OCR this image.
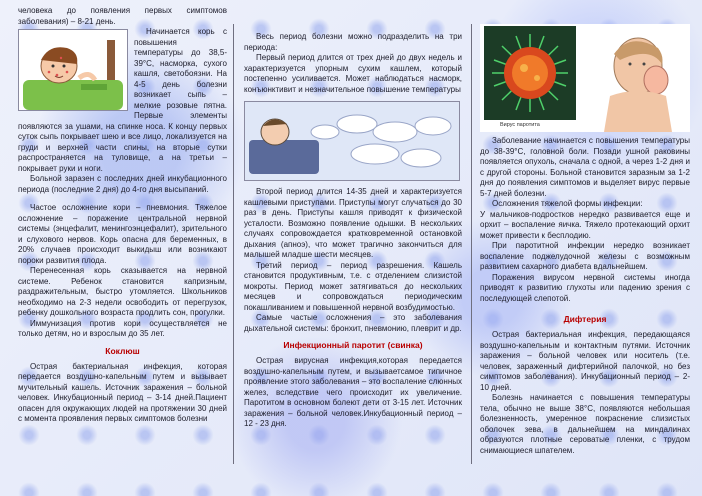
человека до появления первых симптомов заболевания) – 8-21 день.

Начинается корь с повышения температуры до 38,5-39°С, насморка, сухого кашля, светобоязни. На 4-5 день болезни возникает сыпь – мелкие розовые пятна. Первые элементы появляются за ушами, на спинке носа. К концу первых суток сыпь покрывает шею и все лицо, локализуется на груди и верхней части спины, на вторые сутки распространяется на туловище, а на третьи – покрывает руки и ноги.

Больной заразен с последних дней инкубационного периода (последние 2 дня) до 4-го дня высыпаний.

Частое осложнение кори – пневмония. Тяжелое осложнение – поражение центральной нервной системы (энцефалит, менингоэнцефалит), зрительного и слухового нервов. Корь опасна для беременных, в 20% случаев происходит выкидыш или возникают пороки развития плода.

Перенесенная корь сказывается на нервной системе. Ребенок становится капризным, раздражительным, быстро утомляется. Школьников необходимо на 2-3 недели освободить от перегрузок, ребенку дошкольного возраста продлить сон, прогулки.

Иммунизация против кори осуществляется не только детям, но и взрослым до 35 лет.

Коклюш

Острая бактериальная инфекция, которая передается воздушно-капельным путем и вызывает мучительный кашель. Источник заражения – больной человек. Инкубационный период – 3-14 дней.Пациент опасен для окружающих людей на протяжении 30 дней с момента проявления первых симптомов болезни

Весь период болезни можно подразделить на три периода:

Первый период длится от трех дней до двух недель и характеризуется упорным сухим кашлем, который постепенно усиливается. Может наблюдаться насморк, конъюнктивит и незначительное повышение температуры

Второй период длится 14-35 дней и характеризуется кашлевыми приступами. Приступы могут случаться до 30 раз в день. Приступы кашля приводят к физической усталости. Возможно появление одышки. В нескольких случаях сопровождается кратковременной остановкой дыхания (апноэ), что может трагично закончиться для малышей младше шести месяцев.

Третий период – период разрешения. Кашель становится продуктивным, т.е. с отделением слизистой мокроты. Период может затягиваться до нескольких месяцев и сопровождаться периодическим покашливанием и повышенной нервной возбудимостью.

Самые частые осложнения – это заболевания дыхательной системы: бронхит, пневмонию, плеврит и др.

Инфекционный паротит (свинка)

Острая вирусная инфекция,которая передается воздушно-капельным путем, и вызываетсамое типичное проявление этого заболевания – это воспаление слюнных желез, вследствие чего происходит их увеличение. Паротитом в основном болеют дети от 3-15 лет. Источник заражения – больной человек.Инкубационный период – 12 - 23 дня.

Вирус паротита

Заболевание начинается с повышения температуры до 38-39°С, головной боли. Позади ушной раковины появляется опухоль, сначала с одной, а через 1-2 дня и с другой стороны. Больной становится заразным за 1-2 дня до появления симптомов и выделяет вирус первые 5-7 дней болезни.

Осложнения тяжелой формы инфекции:

У мальчиков-подростков нередко развивается еще и орхит – воспаление яичка. Тяжело протекающий орхит может привести к бесплодию.

При паротитной инфекции нередко возникает воспаление поджелудочной железы с возможным развитием сахарного диабета вдальнейшем.

Поражения вирусом нервной системы иногда приводят к развитию глухоты или падению зрения с последующей слепотой.

Дифтерия

Острая бактериальная инфекция, передающаяся воздушно-капельным и контактным путями. Источник заражения – больной человек или носитель (т.е. человек, зараженный дифтерийной палочкой, но без симптомов заболевания). Инкубационный период – 2-10 дней.

Болезнь начинается с повышения температуры тела, обычно не выше 38°С, появляются небольшая болезненность, умеренное покраснение слизистых оболочек зева, в дальнейшем на миндалинах образуются плотные сероватые пленки, с трудом снимающиеся шпателем.
